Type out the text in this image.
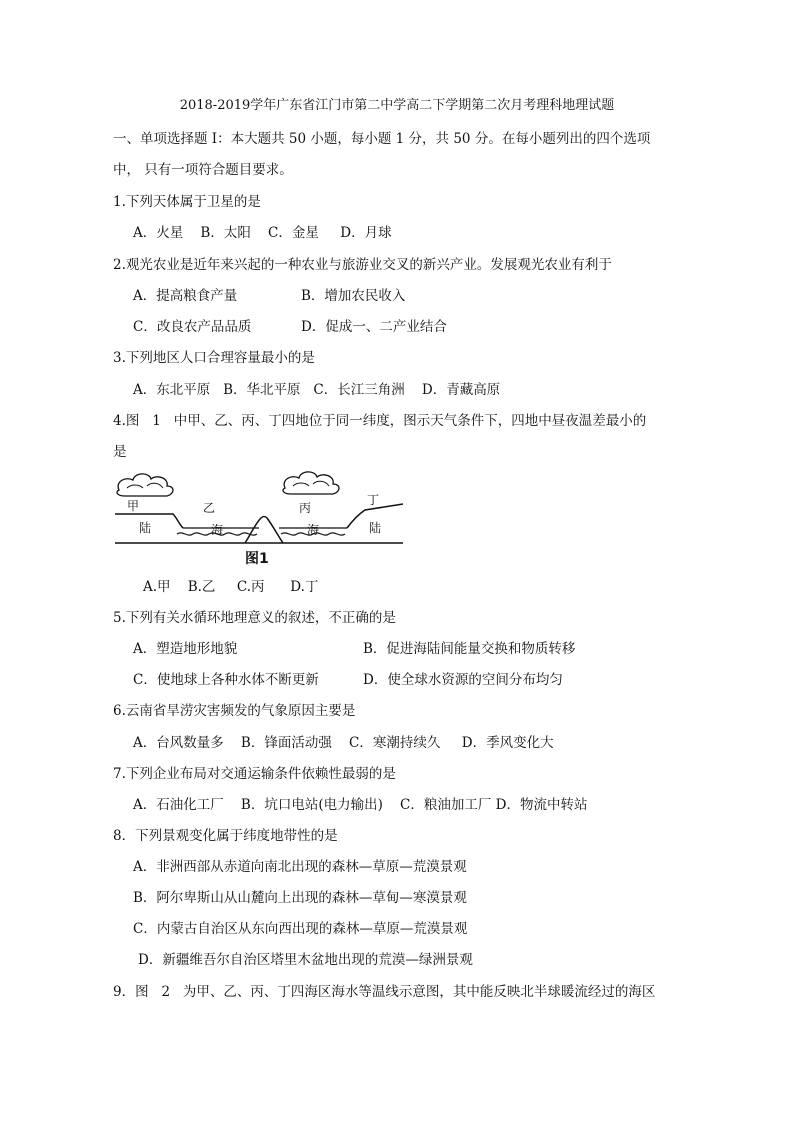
2018-2019学年广东省江门市第二中学高二下学期第二次月考理科地理试题
一、单项选择题 I：本大题共 50 小题，每小题 1 分，共 50 分。在每小题列出的四个选项
中， 只有一项符合题目要求。
1.下列天体属于卫星的是
A．火星    B．太阳    C．金星     D．月球
2.观光农业是近年来兴起的一种农业与旅游业交叉的新兴产业。发展观光农业有利于
A．提高粮食产量	B．增加农民收入
C．改良农产品品质	D．促成一、二产业结合
3.下列地区人口合理容量最小的是
A．东北平原   B．华北平原   C．长江三角洲    D．青藏高原
4.图   1   中甲、乙、丙、丁四地位于同一纬度，图示天气条件下，四地中昼夜温差最小的
是
甲	乙	丙
丁
陆	海	海	陆
图1
A.甲    B.乙     C.丙      D.丁
5.下列有关水循环地理意义的叙述，不正确的是
A．塑造地形地貌	B．促进海陆间能量交换和物质转移
C．使地球上各种水体不断更新	D．使全球水资源的空间分布均匀
6.云南省旱涝灾害频发的气象原因主要是
A．台风数量多    B．锋面活动强    C．寒潮持续久     D．季风变化大
7.下列企业布局对交通运输条件依赖性最弱的是
A．石油化工厂    B．坑口电站(电力输出)    C．粮油加工厂 D．物流中转站
8．下列景观变化属于纬度地带性的是
A．非洲西部从赤道向南北出现的森林—草原—荒漠景观
B．阿尔卑斯山从山麓向上出现的森林—草甸—寒漠景观
C．内蒙古自治区从东向西出现的森林—草原—荒漠景观
D．新疆维吾尔自治区塔里木盆地出现的荒漠—绿洲景观
9．图   2   为甲、乙、丙、丁四海区海水等温线示意图，其中能反映北半球暖流经过的海区
